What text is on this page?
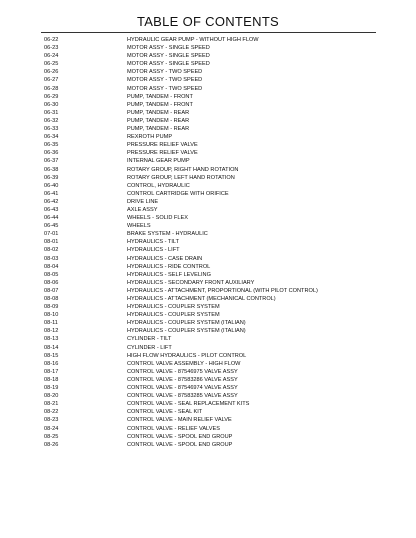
TABLE OF CONTENTS
06-22	HYDRAULIC GEAR PUMP - WITHOUT HIGH FLOW
06-23	MOTOR ASSY - SINGLE SPEED
06-24	MOTOR ASSY - SINGLE SPEED
06-25	MOTOR ASSY - SINGLE SPEED
06-26	MOTOR ASSY - TWO SPEED
06-27	MOTOR ASSY - TWO SPEED
06-28	MOTOR ASSY - TWO SPEED
06-29	PUMP, TANDEM - FRONT
06-30	PUMP, TANDEM - FRONT
06-31	PUMP, TANDEM - REAR
06-32	PUMP, TANDEM - REAR
06-33	PUMP, TANDEM - REAR
06-34	REXROTH PUMP
06-35	PRESSURE RELIEF VALVE
06-36	PRESSURE RELIEF VALVE
06-37	INTERNAL GEAR PUMP
06-38	ROTARY GROUP, RIGHT HAND ROTATION
06-39	ROTARY GROUP, LEFT HAND ROTATION
06-40	CONTROL, HYDRAULIC
06-41	CONTROL CARTRIDGE WITH ORIFICE
06-42	DRIVE LINE
06-43	AXLE ASSY
06-44	WHEELS - SOLID FLEX
06-45	WHEELS
07-01	BRAKE SYSTEM - HYDRAULIC
08-01	HYDRAULICS - TILT
08-02	HYDRAULICS - LIFT
08-03	HYDRAULICS - CASE DRAIN
08-04	HYDRAULICS - RIDE CONTROL
08-05	HYDRAULICS - SELF LEVELING
08-06	HYDRAULICS - SECONDARY FRONT AUXILIARY
08-07	HYDRAULICS - ATTACHMENT, PROPORTIONAL (WITH PILOT CONTROL)
08-08	HYDRAULICS - ATTACHMENT (MECHANICAL CONTROL)
08-09	HYDRAULICS - COUPLER SYSTEM
08-10	HYDRAULICS - COUPLER SYSTEM
08-11	HYDRAULICS - COUPLER SYSTEM (ITALIAN)
08-12	HYDRAULICS - COUPLER SYSTEM (ITALIAN)
08-13	CYLINDER - TILT
08-14	CYLINDER - LIFT
08-15	HIGH FLOW HYDRAULICS - PILOT CONTROL
08-16	CONTROL VALVE ASSEMBLY - HIGH FLOW
08-17	CONTROL VALVE - 87546975 VALVE ASSY
08-18	CONTROL VALVE - 87583286 VALVE ASSY
08-19	CONTROL VALVE - 87546974 VALVE ASSY
08-20	CONTROL VALVE - 87583285 VALVE ASSY
08-21	CONTROL VALVE - SEAL REPLACEMENT KITS
08-22	CONTROL VALVE - SEAL KIT
08-23	CONTROL VALVE - MAIN RELIEF VALVE
08-24	CONTROL VALVE - RELIEF VALVES
08-25	CONTROL VALVE - SPOOL END GROUP
08-26	CONTROL VALVE - SPOOL END GROUP
